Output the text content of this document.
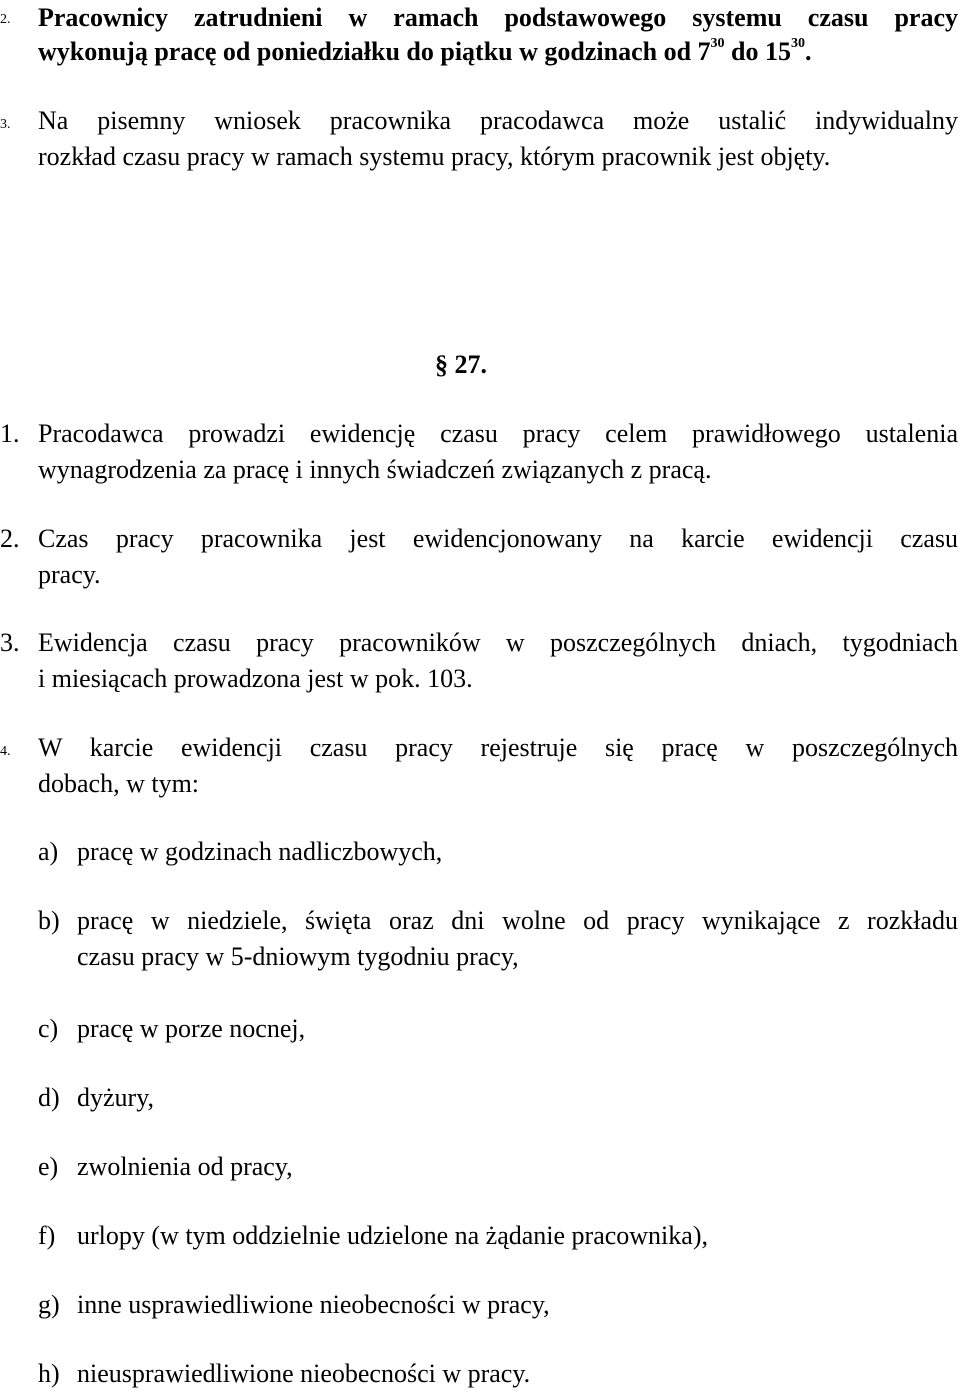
2. Pracownicy zatrudnieni w ramach podstawowego systemu czasu pracy
wykonują pracę od poniedziałku do piątku w godzinach od $7^{30}$ do $15^{30}$.
3. Na pisemny wniosek pracownika pracodawca może ustalić indywidualny
rozkład czasu pracy w ramach systemu pracy, którym pracownik jest objęty.
§ 27.
1. Pracodawca prowadzi ewidencję czasu pracy celem prawidłowego ustalenia
wynagrodzenia za pracę i innych świadczeń związanych z pracą.
2. Czas pracy pracownika jest ewidencjonowany na karcie ewidencji czasu
pracy.
3. Ewidencja czasu pracy pracowników w poszczególnych dniach, tygodniach
i miesiącach prowadzona jest w pok. 103.
4. W karcie ewidencji czasu pracy rejestruje się pracę w poszczególnych
dobach, w tym:
a) pracę w godzinach nadliczbowych,
b) pracę w niedziele, święta oraz dni wolne od pracy wynikające z rozkładu
czasu pracy w 5-dniowym tygodniu pracy,
c) pracę w porze nocnej,
d) dyżury,
e) zwolnienia od pracy,
f) urlopy (w tym oddzielnie udzielone na żądanie pracownika),
g) inne usprawiedliwione nieobecności w pracy,
h) nieusprawiedliwione nieobecności w pracy.
